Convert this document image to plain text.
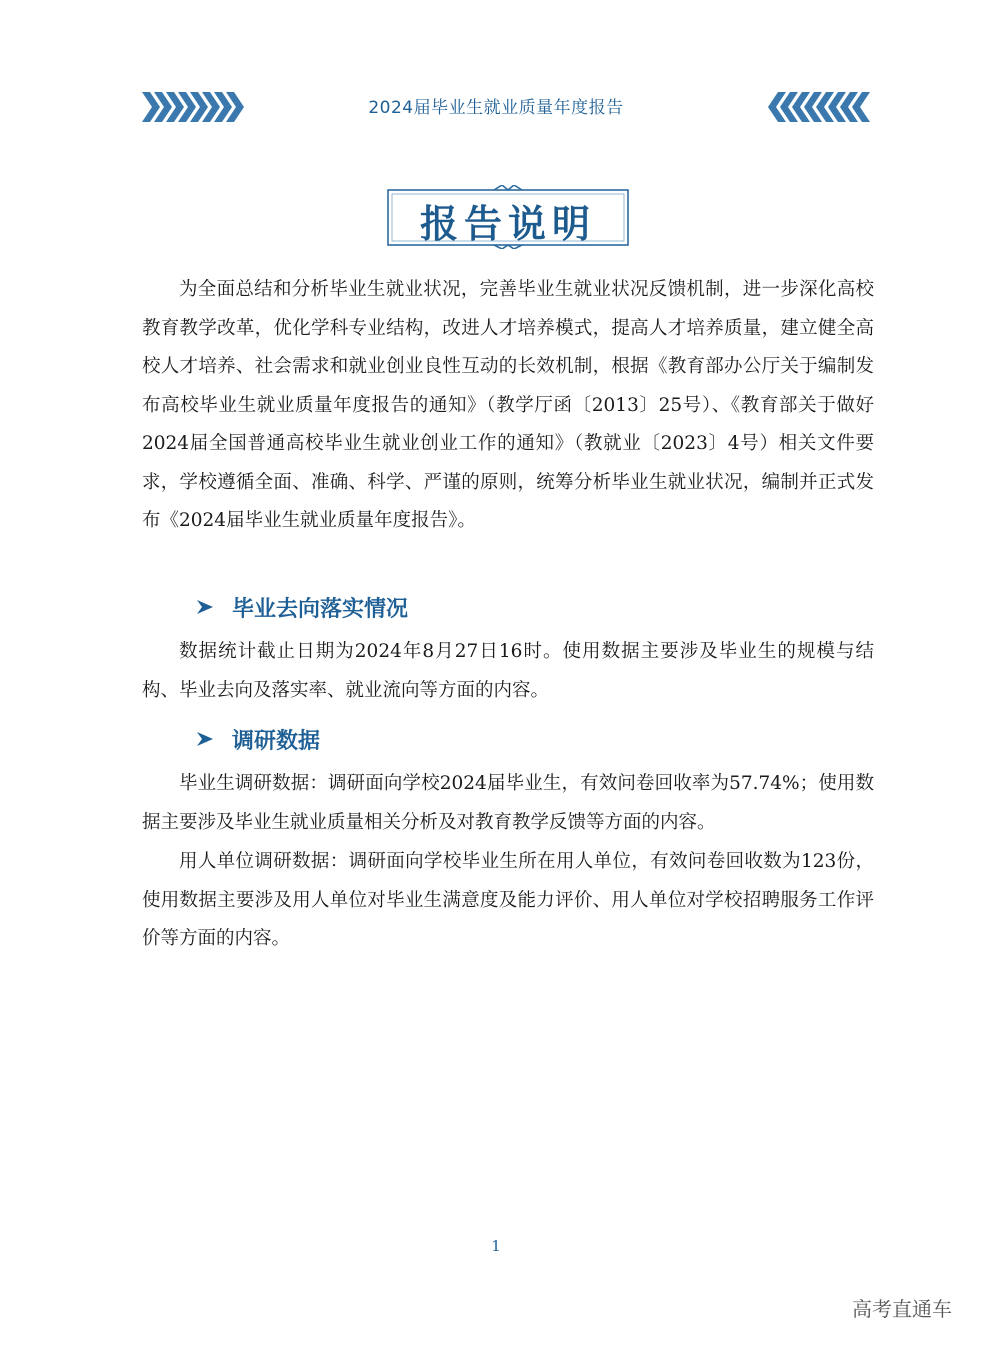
2024届毕业生就业质量年度报告
报告说明

为全面总结和分析毕业生就业状况，完善毕业生就业状况反馈机制，进一步深化高校教育教学改革，优化学科专业结构，改进人才培养模式，提高人才培养质量，建立健全高校人才培养、社会需求和就业创业良性互动的长效机制，根据《教育部办公厅关于编制发布高校毕业生就业质量年度报告的通知》（教学厅函〔2013〕25号）、《教育部关于做好2024届全国普通高校毕业生就业创业工作的通知》（教就业〔2023〕4号）相关文件要求，学校遵循全面、准确、科学、严谨的原则，统筹分析毕业生就业状况，编制并正式发布《2024届毕业生就业质量年度报告》。

毕业去向落实情况

数据统计截止日期为2024年8月27日16时。使用数据主要涉及毕业生的规模与结构、毕业去向及落实率、就业流向等方面的内容。

调研数据

毕业生调研数据：调研面向学校2024届毕业生，有效问卷回收率为57.74%；使用数据主要涉及毕业生就业质量相关分析及对教育教学反馈等方面的内容。

用人单位调研数据：调研面向学校毕业生所在用人单位，有效问卷回收数为123份，使用数据主要涉及用人单位对毕业生满意度及能力评价、用人单位对学校招聘服务工作评价等方面的内容。

1
高考直通车
